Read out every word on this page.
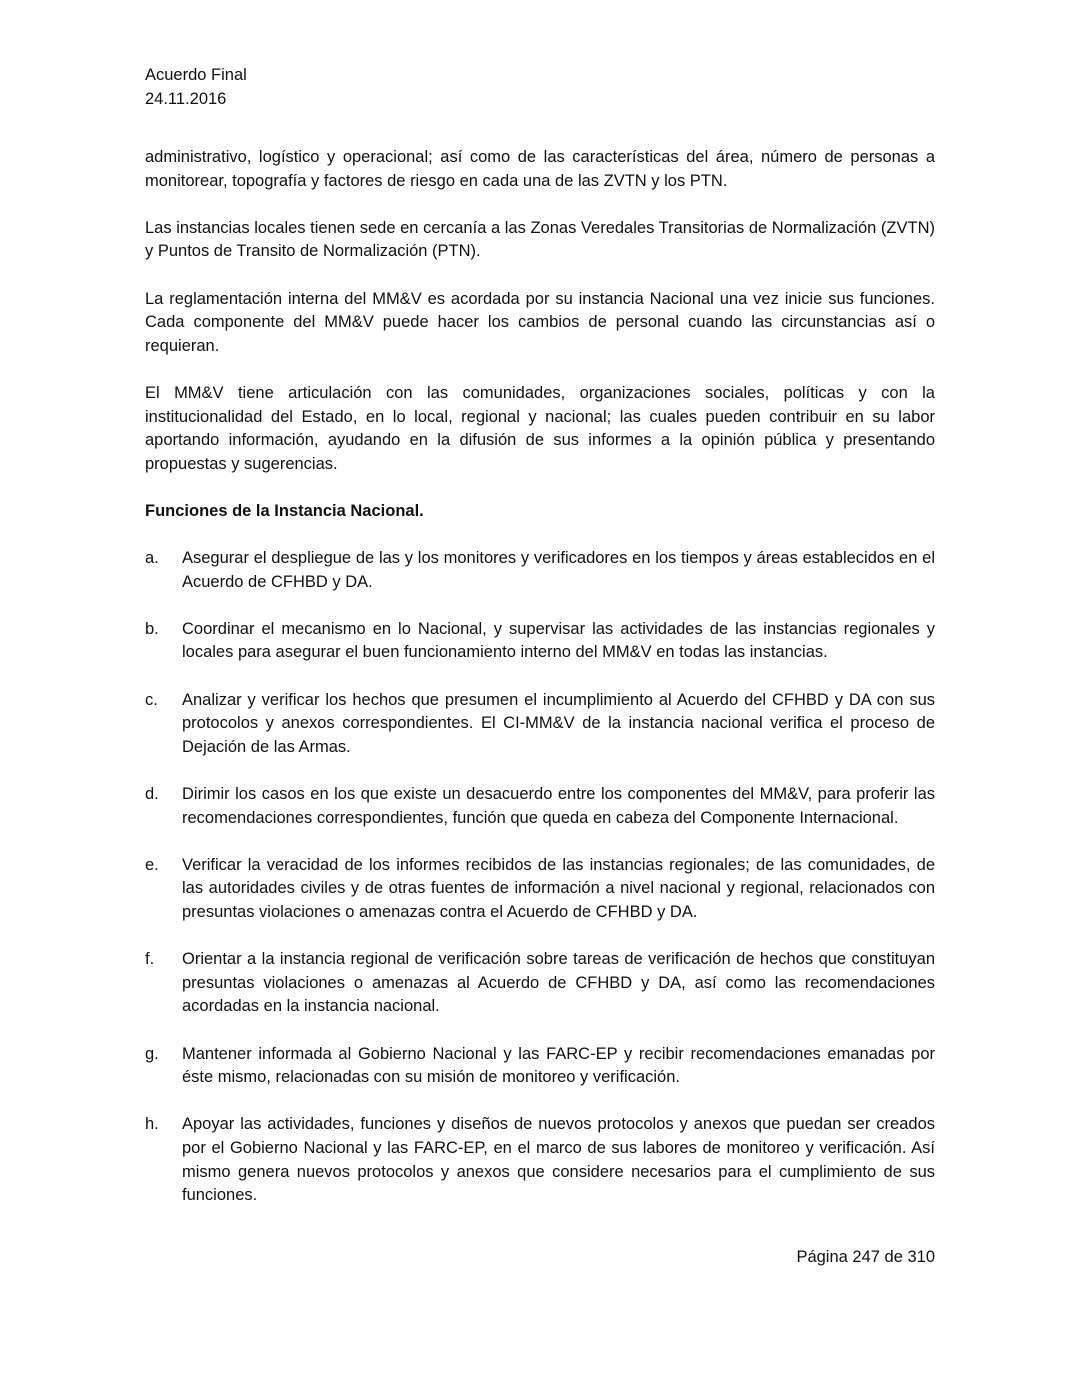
Acuerdo Final
24.11.2016

administrativo, logístico y operacional; así como de las características del área, número de personas a monitorear, topografía y factores de riesgo en cada una de las ZVTN y los PTN.

Las instancias locales tienen sede en cercanía a las Zonas Veredales Transitorias de Normalización (ZVTN) y Puntos de Transito de Normalización (PTN).

La reglamentación interna del MM&V es acordada por su instancia Nacional una vez inicie sus funciones. Cada componente del MM&V puede hacer los cambios de personal cuando las circunstancias así o requieran.

El MM&V tiene articulación con las comunidades, organizaciones sociales, políticas y con la institucionalidad del Estado, en lo local, regional y nacional; las cuales pueden contribuir en su labor aportando información, ayudando en la difusión de sus informes a la opinión pública y presentando propuestas y sugerencias.

Funciones de la Instancia Nacional.
a.	Asegurar el despliegue de las y los monitores y verificadores en los tiempos y áreas establecidos en el Acuerdo de CFHBD y DA.
b.	Coordinar el mecanismo en lo Nacional, y supervisar las actividades de las instancias regionales y locales para asegurar el buen funcionamiento interno del MM&V en todas las instancias.
c.	Analizar y verificar los hechos que presumen el incumplimiento al Acuerdo del CFHBD y DA con sus protocolos y anexos correspondientes. El CI-MM&V de la instancia nacional verifica el proceso de Dejación de las Armas.
d.	Dirimir los casos en los que existe un desacuerdo entre los componentes del MM&V, para proferir las recomendaciones correspondientes, función que queda en cabeza del Componente Internacional.
e.	Verificar la veracidad de los informes recibidos de las instancias regionales; de las comunidades, de las autoridades civiles y de otras fuentes de información a nivel nacional y regional, relacionados con presuntas violaciones o amenazas contra el Acuerdo de CFHBD y DA.
f.	Orientar a la instancia regional de verificación sobre tareas de verificación de hechos que constituyan presuntas violaciones o amenazas al Acuerdo de CFHBD y DA, así como las recomendaciones acordadas en la instancia nacional.
g.	Mantener informada al Gobierno Nacional y las FARC-EP y recibir recomendaciones emanadas por éste mismo, relacionadas con su misión de monitoreo y verificación.
h.	Apoyar las actividades, funciones y diseños de nuevos protocolos y anexos que puedan ser creados por el Gobierno Nacional y las FARC-EP, en el marco de sus labores de monitoreo y verificación. Así mismo genera nuevos protocolos y anexos que considere necesarios para el cumplimiento de sus funciones.
Página 247 de 310
